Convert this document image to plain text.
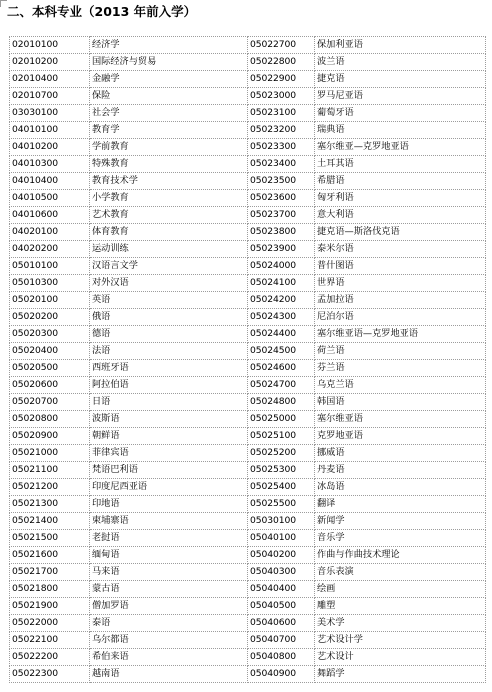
二、本科专业（2013 年前入学）
02010100	经济学	05022700	保加利亚语
02010200	国际经济与贸易	05022800	波兰语
02010400	金融学	05022900	捷克语
02010700	保险	05023000	罗马尼亚语
03030100	社会学	05023100	葡萄牙语
04010100	教育学	05023200	瑞典语
04010200	学前教育	05023300	塞尔维亚—克罗地亚语
04010300	特殊教育	05023400	土耳其语
04010400	教育技术学	05023500	希腊语
04010500	小学教育	05023600	匈牙利语
04010600	艺术教育	05023700	意大利语
04020100	体育教育	05023800	捷克语—斯洛伐克语
04020200	运动训练	05023900	泰米尔语
05010100	汉语言文学	05024000	普什图语
05010300	对外汉语	05024100	世界语
05020100	英语	05024200	孟加拉语
05020200	俄语	05024300	尼泊尔语
05020300	德语	05024400	塞尔维亚语—克罗地亚语
05020400	法语	05024500	荷兰语
05020500	西班牙语	05024600	芬兰语
05020600	阿拉伯语	05024700	乌克兰语
05020700	日语	05024800	韩国语
05020800	波斯语	05025000	塞尔维亚语
05020900	朝鲜语	05025100	克罗地亚语
05021000	菲律宾语	05025200	挪威语
05021100	梵语巴利语	05025300	丹麦语
05021200	印度尼西亚语	05025400	冰岛语
05021300	印地语	05025500	翻译
05021400	柬埔寨语	05030100	新闻学
05021500	老挝语	05040100	音乐学
05021600	缅甸语	05040200	作曲与作曲技术理论
05021700	马来语	05040300	音乐表演
05021800	蒙古语	05040400	绘画
05021900	僧加罗语	05040500	雕塑
05022000	泰语	05040600	美术学
05022100	乌尔都语	05040700	艺术设计学
05022200	希伯来语	05040800	艺术设计
05022300	越南语	05040900	舞蹈学
